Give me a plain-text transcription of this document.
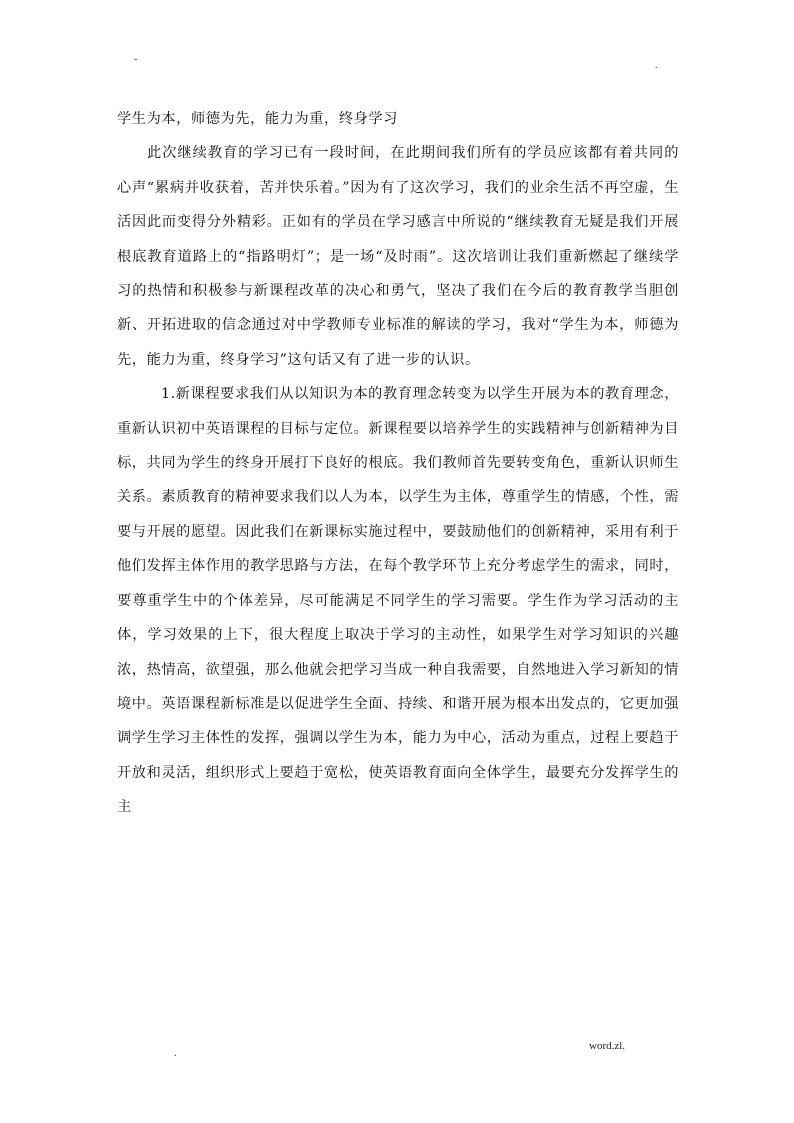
-
.

学生为本，师德为先，能力为重，终身学习

此次继续教育的学习已有一段时间，在此期间我们所有的学员应该都有着共同的心声“累病并收获着，苦并快乐着。”因为有了这次学习，我们的业余生活不再空虚，生活因此而变得分外精彩。正如有的学员在学习感言中所说的“继续教育无疑是我们开展根底教育道路上的“指路明灯”；是一场“及时雨”。这次培训让我们重新燃起了继续学习的热情和积极参与新课程改革的决心和勇气，坚决了我们在今后的教育教学当胆创新、开拓进取的信念通过对中学教师专业标准的解读的学习，我对“学生为本，师德为先，能力为重，终身学习”这句话又有了进一步的认识。

1.新课程要求我们从以知识为本的教育理念转变为以学生开展为本的教育理念，重新认识初中英语课程的目标与定位。新课程要以培养学生的实践精神与创新精神为目标，共同为学生的终身开展打下良好的根底。我们教师首先要转变角色，重新认识师生关系。素质教育的精神要求我们以人为本，以学生为主体，尊重学生的情感，个性，需要与开展的愿望。因此我们在新课标实施过程中，要鼓励他们的创新精神，采用有利于他们发挥主体作用的教学思路与方法，在每个教学环节上充分考虑学生的需求，同时，要尊重学生中的个体差异，尽可能满足不同学生的学习需要。学生作为学习活动的主体，学习效果的上下，很大程度上取决于学习的主动性，如果学生对学习知识的兴趣浓，热情高，欲望强，那么他就会把学习当成一种自我需要，自然地进入学习新知的情境中。英语课程新标准是以促进学生全面、持续、和谐开展为根本出发点的，它更加强调学生学习主体性的发挥，强调以学生为本，能力为中心，活动为重点，过程上要趋于开放和灵活，组织形式上要趋于宽松，使英语教育面向全体学生，最要充分发挥学生的主

.
word.zl.
